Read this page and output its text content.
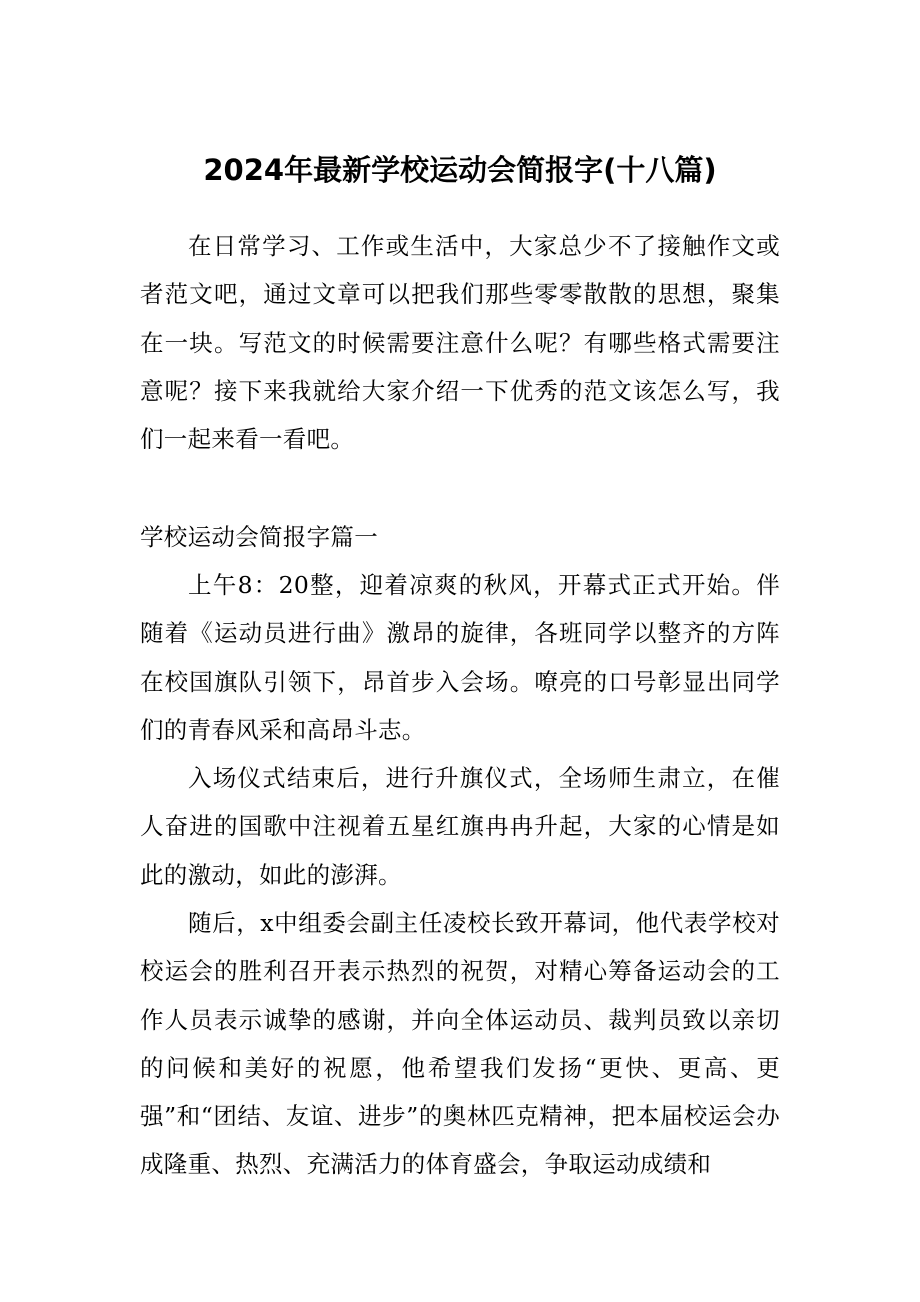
2024年最新学校运动会简报字(十八篇)

在日常学习、工作或生活中，大家总少不了接触作文或者范文吧，通过文章可以把我们那些零零散散的思想，聚集在一块。写范文的时候需要注意什么呢？有哪些格式需要注意呢？接下来我就给大家介绍一下优秀的范文该怎么写，我们一起来看一看吧。

学校运动会简报字篇一

上午8：20整，迎着凉爽的秋风，开幕式正式开始。伴随着《运动员进行曲》激昂的旋律，各班同学以整齐的方阵在校国旗队引领下，昂首步入会场。嘹亮的口号彰显出同学们的青春风采和高昂斗志。

入场仪式结束后，进行升旗仪式，全场师生肃立，在催人奋进的国歌中注视着五星红旗冉冉升起，大家的心情是如此的激动，如此的澎湃。

随后，x中组委会副主任凌校长致开幕词，他代表学校对校运会的胜利召开表示热烈的祝贺，对精心筹备运动会的工作人员表示诚挚的感谢，并向全体运动员、裁判员致以亲切的问候和美好的祝愿，他希望我们发扬“更快、更高、更强”和“团结、友谊、进步”的奥林匹克精神，把本届校运会办成隆重、热烈、充满活力的体育盛会，争取运动成绩和
